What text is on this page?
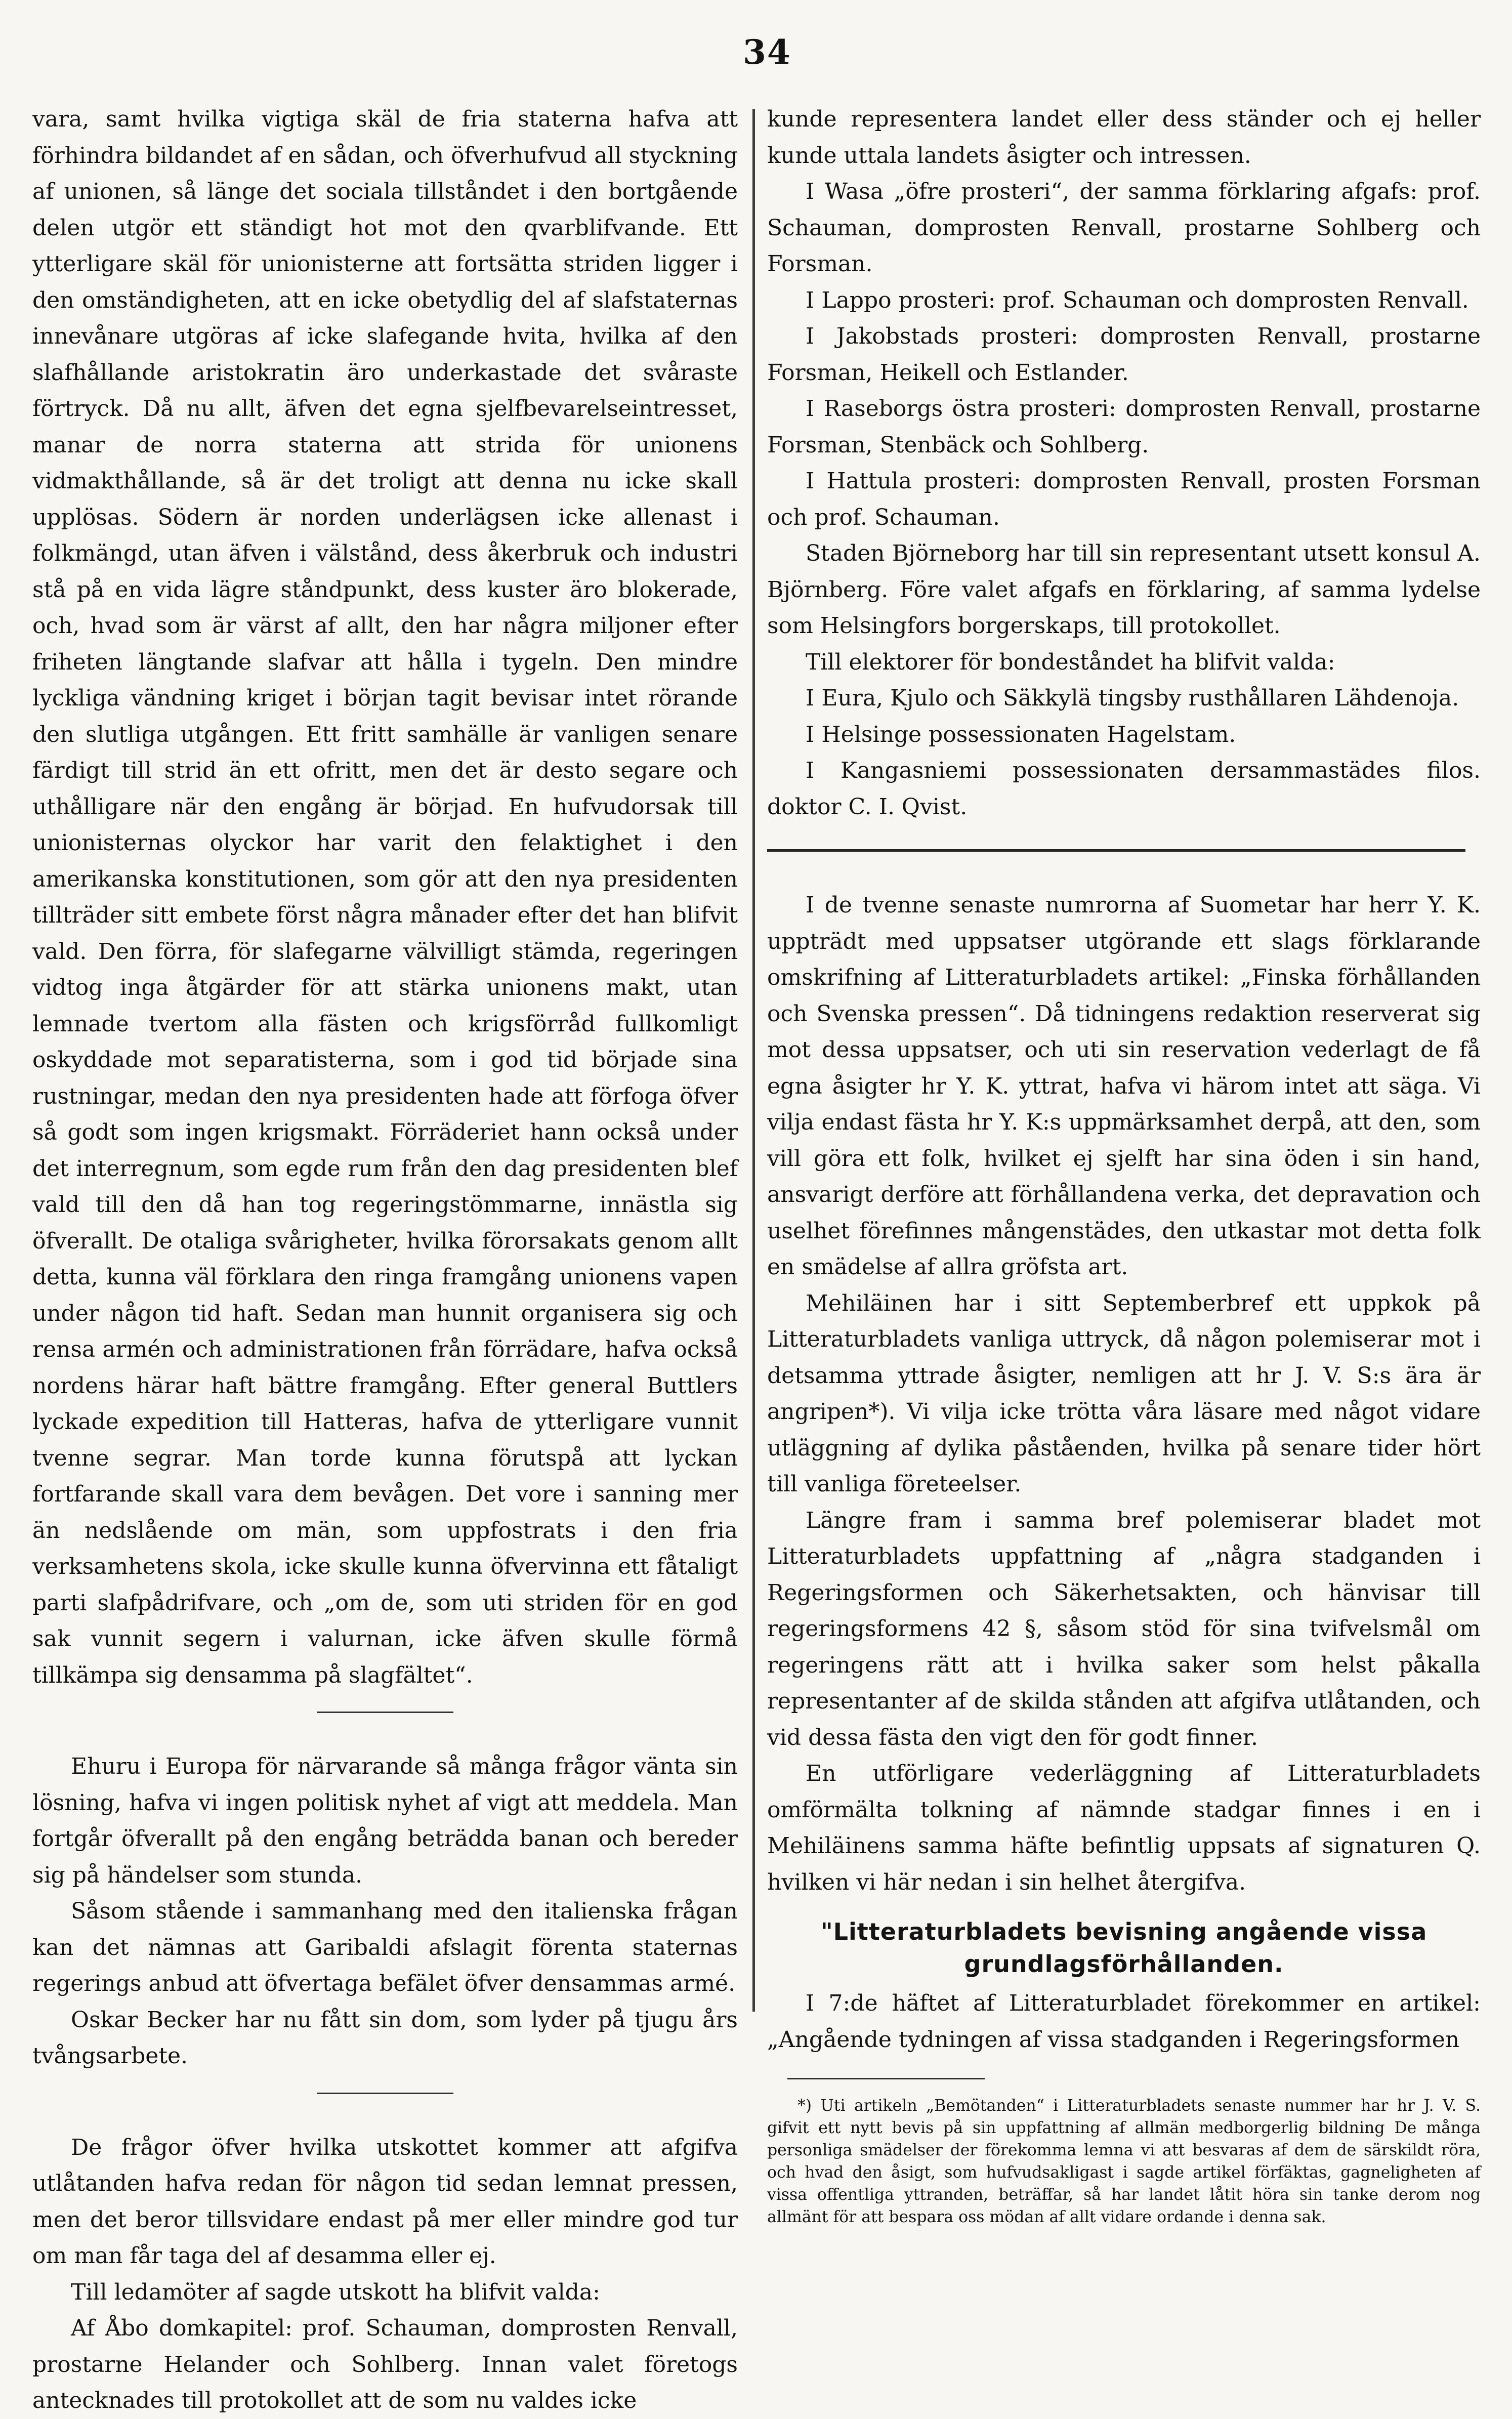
34

vara, samt hvilka vigtiga skäl de fria staterna hafva att förhindra bildandet af en sådan, och öfverhufvud all styckning af unionen, så länge det sociala tillståndet i den bortgående delen utgör ett ständigt hot mot den qvarblifvande. Ett ytterligare skäl för unionisterne att fortsätta striden ligger i den omständigheten, att en icke obetydlig del af slafstaternas innevånare utgöras af icke slafegande hvita, hvilka af den slafhållande aristokratin äro underkastade det svåraste förtryck. Då nu allt, äfven det egna sjelfbevarelseintresset, manar de norra staterna att strida för unionens vidmakthållande, så är det troligt att denna nu icke skall upplösas. Södern är norden underlägsen icke allenast i folkmängd, utan äfven i välstånd, dess åkerbruk och industri stå på en vida lägre ståndpunkt, dess kuster äro blokerade, och, hvad som är värst af allt, den har några miljoner efter friheten längtande slafvar att hålla i tygeln. Den mindre lyckliga vändning kriget i början tagit bevisar intet rörande den slutliga utgången. Ett fritt samhälle är vanligen senare färdigt till strid än ett ofritt, men det är desto segare och uthålligare när den engång är börjad. En hufvudorsak till unionisternas olyckor har varit den felaktighet i den amerikanska konstitutionen, som gör att den nya presidenten tillträder sitt embete först några månader efter det han blifvit vald. Den förra, för slafegarne välvilligt stämda, regeringen vidtog inga åtgärder för att stärka unionens makt, utan lemnade tvertom alla fästen och krigsförråd fullkomligt oskyddade mot separatisterna, som i god tid började sina rustningar, medan den nya presidenten hade att förfoga öfver så godt som ingen krigsmakt. Förräderiet hann också under det interregnum, som egde rum från den dag presidenten blef vald till den då han tog regeringstömmarne, innästla sig öfverallt. De otaliga svårigheter, hvilka förorsakats genom allt detta, kunna väl förklara den ringa framgång unionens vapen under någon tid haft. Sedan man hunnit organisera sig och rensa armén och administrationen från förrädare, hafva också nordens härar haft bättre framgång. Efter general Buttlers lyckade expedition till Hatteras, hafva de ytterligare vunnit tvenne segrar. Man torde kunna förutspå att lyckan fortfarande skall vara dem bevågen. Det vore i sanning mer än nedslående om män, som uppfostrats i den fria verksamhetens skola, icke skulle kunna öfvervinna ett fåtaligt parti slafpådrifvare, och „om de, som uti striden för en god sak vunnit segern i valurnan, icke äfven skulle förmå tillkämpa sig densamma på slagfältet“.

Ehuru i Europa för närvarande så många frågor vänta sin lösning, hafva vi ingen politisk nyhet af vigt att meddela. Man fortgår öfverallt på den engång beträdda banan och bereder sig på händelser som stunda.

Såsom stående i sammanhang med den italienska frågan kan det nämnas att Garibaldi afslagit förenta staternas regerings anbud att öfvertaga befälet öfver densammas armé.

Oskar Becker har nu fått sin dom, som lyder på tjugu års tvångsarbete.

De frågor öfver hvilka utskottet kommer att afgifva utlåtanden hafva redan för någon tid sedan lemnat pressen, men det beror tillsvidare endast på mer eller mindre god tur om man får taga del af desamma eller ej.

Till ledamöter af sagde utskott ha blifvit valda:

Af Åbo domkapitel: prof. Schauman, domprosten Renvall, prostarne Helander och Sohlberg. Innan valet företogs antecknades till protokollet att de som nu valdes icke

kunde representera landet eller dess ständer och ej heller kunde uttala landets åsigter och intressen.

I Wasa „öfre prosteri“, der samma förklaring afgafs: prof. Schauman, domprosten Renvall, prostarne Sohlberg och Forsman.

I Lappo prosteri: prof. Schauman och domprosten Renvall.

I Jakobstads prosteri: domprosten Renvall, prostarne Forsman, Heikell och Estlander.

I Raseborgs östra prosteri: domprosten Renvall, prostarne Forsman, Stenbäck och Sohlberg.

I Hattula prosteri: domprosten Renvall, prosten Forsman och prof. Schauman.

Staden Björneborg har till sin representant utsett konsul A. Björnberg. Före valet afgafs en förklaring, af samma lydelse som Helsingfors borgerskaps, till protokollet.

Till elektorer för bondeståndet ha blifvit valda:

I Eura, Kjulo och Säkkylä tingsby rusthållaren Lähdenoja.

I Helsinge possessionaten Hagelstam.

I Kangasniemi possessionaten dersammastädes filos. doktor C. I. Qvist.

I de tvenne senaste numrorna af Suometar har herr Y. K. uppträdt med uppsatser utgörande ett slags förklarande omskrifning af Litteraturbladets artikel: „Finska förhållanden och Svenska pressen“. Då tidningens redaktion reserverat sig mot dessa uppsatser, och uti sin reservation vederlagt de få egna åsigter hr Y. K. yttrat, hafva vi härom intet att säga. Vi vilja endast fästa hr Y. K:s uppmärksamhet derpå, att den, som vill göra ett folk, hvilket ej sjelft har sina öden i sin hand, ansvarigt derföre att förhållandena verka, det depravation och uselhet förefinnes mångenstädes, den utkastar mot detta folk en smädelse af allra gröfsta art.

Mehiläinen har i sitt Septemberbref ett uppkok på Litteraturbladets vanliga uttryck, då någon polemiserar mot i detsamma yttrade åsigter, nemligen att hr J. V. S:s ära är angripen*). Vi vilja icke trötta våra läsare med något vidare utläggning af dylika påståenden, hvilka på senare tider hört till vanliga företeelser.

Längre fram i samma bref polemiserar bladet mot Litteraturbladets uppfattning af „några stadganden i Regeringsformen och Säkerhetsakten, och hänvisar till regeringsformens 42 §, såsom stöd för sina tvifvelsmål om regeringens rätt att i hvilka saker som helst påkalla representanter af de skilda stånden att afgifva utlåtanden, och vid dessa fästa den vigt den för godt finner.

En utförligare vederläggning af Litteraturbladets omförmälta tolkning af nämnde stadgar finnes i en i Mehiläinens samma häfte befintlig uppsats af signaturen Q. hvilken vi här nedan i sin helhet återgifva.

"Litteraturbladets bevisning angående vissa grundlagsförhållanden.

I 7:de häftet af Litteraturbladet förekommer en artikel: „Angående tydningen af vissa stadganden i Regeringsformen

*) Uti artikeln „Bemötanden“ i Litteraturbladets senaste nummer har hr J. V. S. gifvit ett nytt bevis på sin uppfattning af allmän medborgerlig bildning De många personliga smädelser der förekomma lemna vi att besvaras af dem de särskildt röra, och hvad den åsigt, som hufvudsakligast i sagde artikel förfäktas, gagneligheten af vissa offentliga yttranden, beträffar, så har landet låtit höra sin tanke derom nog allmänt för att bespara oss mödan af allt vidare ordande i denna sak.
